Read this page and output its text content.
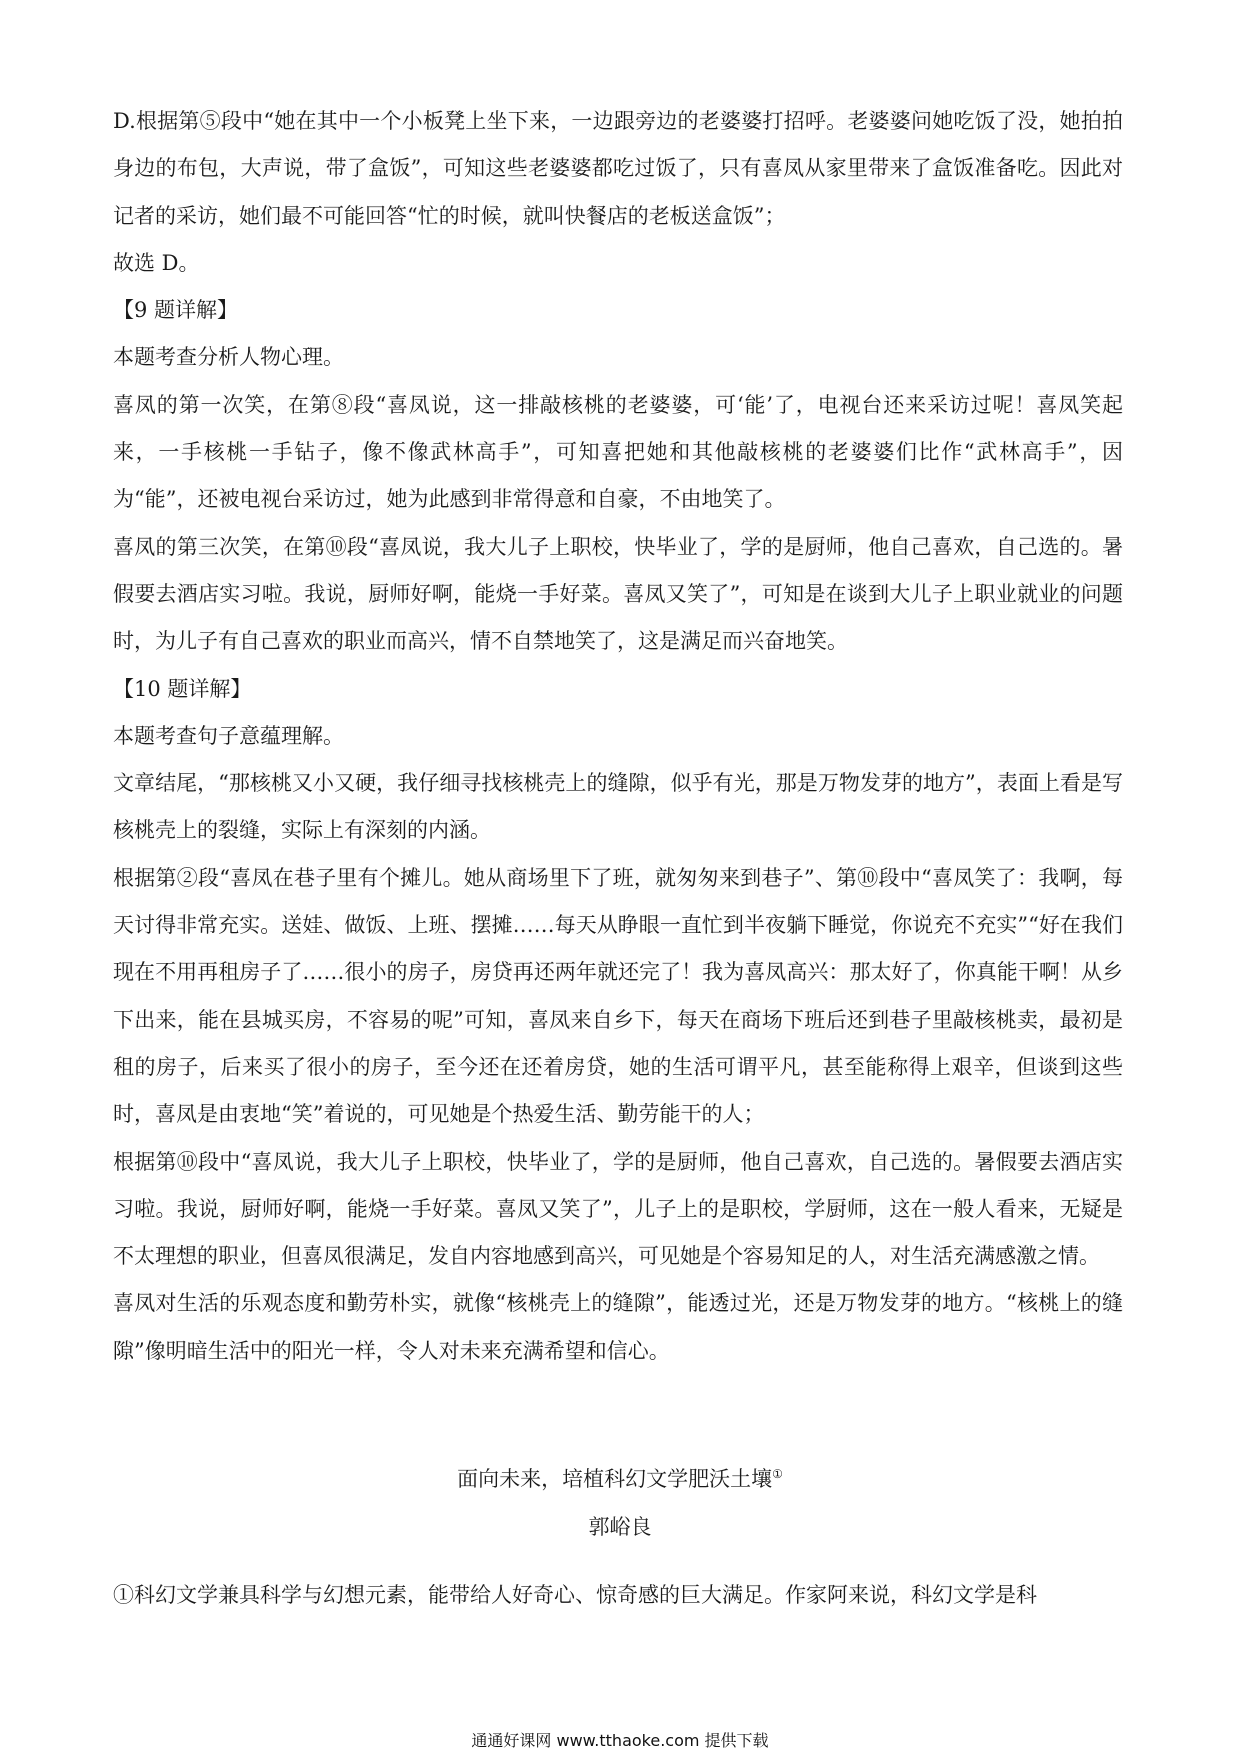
D.根据第⑤段中“她在其中一个小板凳上坐下来，一边跟旁边的老婆婆打招呼。老婆婆问她吃饭了没，她拍拍身边的布包，大声说，带了盒饭”，可知这些老婆婆都吃过饭了，只有喜凤从家里带来了盒饭准备吃。因此对记者的采访，她们最不可能回答“忙的时候，就叫快餐店的老板送盒饭”；

故选 D。

【9 题详解】

本题考查分析人物心理。

喜凤的第一次笑，在第⑧段“喜凤说，这一排敲核桃的老婆婆，可‘能’了，电视台还来采访过呢！喜凤笑起来，一手核桃一手钻子，像不像武林高手”，可知喜把她和其他敲核桃的老婆婆们比作“武林高手”，因为“能”，还被电视台采访过，她为此感到非常得意和自豪，不由地笑了。

喜凤的第三次笑，在第⑩段“喜凤说，我大儿子上职校，快毕业了，学的是厨师，他自己喜欢，自己选的。暑假要去酒店实习啦。我说，厨师好啊，能烧一手好菜。喜凤又笑了”，可知是在谈到大儿子上职业就业的问题时，为儿子有自己喜欢的职业而高兴，情不自禁地笑了，这是满足而兴奋地笑。

【10 题详解】

本题考查句子意蕴理解。

文章结尾，“那核桃又小又硬，我仔细寻找核桃壳上的缝隙，似乎有光，那是万物发芽的地方”，表面上看是写核桃壳上的裂缝，实际上有深刻的内涵。

根据第②段“喜凤在巷子里有个摊儿。她从商场里下了班，就匆匆来到巷子”、第⑩段中“喜凤笑了：我啊，每天讨得非常充实。送娃、做饭、上班、摆摊……每天从睁眼一直忙到半夜躺下睡觉，你说充不充实”“好在我们现在不用再租房子了……很小的房子，房贷再还两年就还完了！我为喜凤高兴：那太好了，你真能干啊！从乡下出来，能在县城买房，不容易的呢”可知，喜凤来自乡下，每天在商场下班后还到巷子里敲核桃卖，最初是租的房子，后来买了很小的房子，至今还在还着房贷，她的生活可谓平凡，甚至能称得上艰辛，但谈到这些时，喜凤是由衷地“笑”着说的，可见她是个热爱生活、勤劳能干的人；

根据第⑩段中“喜凤说，我大儿子上职校，快毕业了，学的是厨师，他自己喜欢，自己选的。暑假要去酒店实习啦。我说，厨师好啊，能烧一手好菜。喜凤又笑了”，儿子上的是职校，学厨师，这在一般人看来，无疑是不太理想的职业，但喜凤很满足，发自内容地感到高兴，可见她是个容易知足的人，对生活充满感激之情。

喜凤对生活的乐观态度和勤劳朴实，就像“核桃壳上的缝隙”，能透过光，还是万物发芽的地方。“核桃上的缝隙”像明暗生活中的阳光一样，令人对未来充满希望和信心。

面向未来，培植科幻文学肥沃土壤①
郭峪良
①科幻文学兼具科学与幻想元素，能带给人好奇心、惊奇感的巨大满足。作家阿来说，科幻文学是科
通通好课网 www.tthaoke.com 提供下载
